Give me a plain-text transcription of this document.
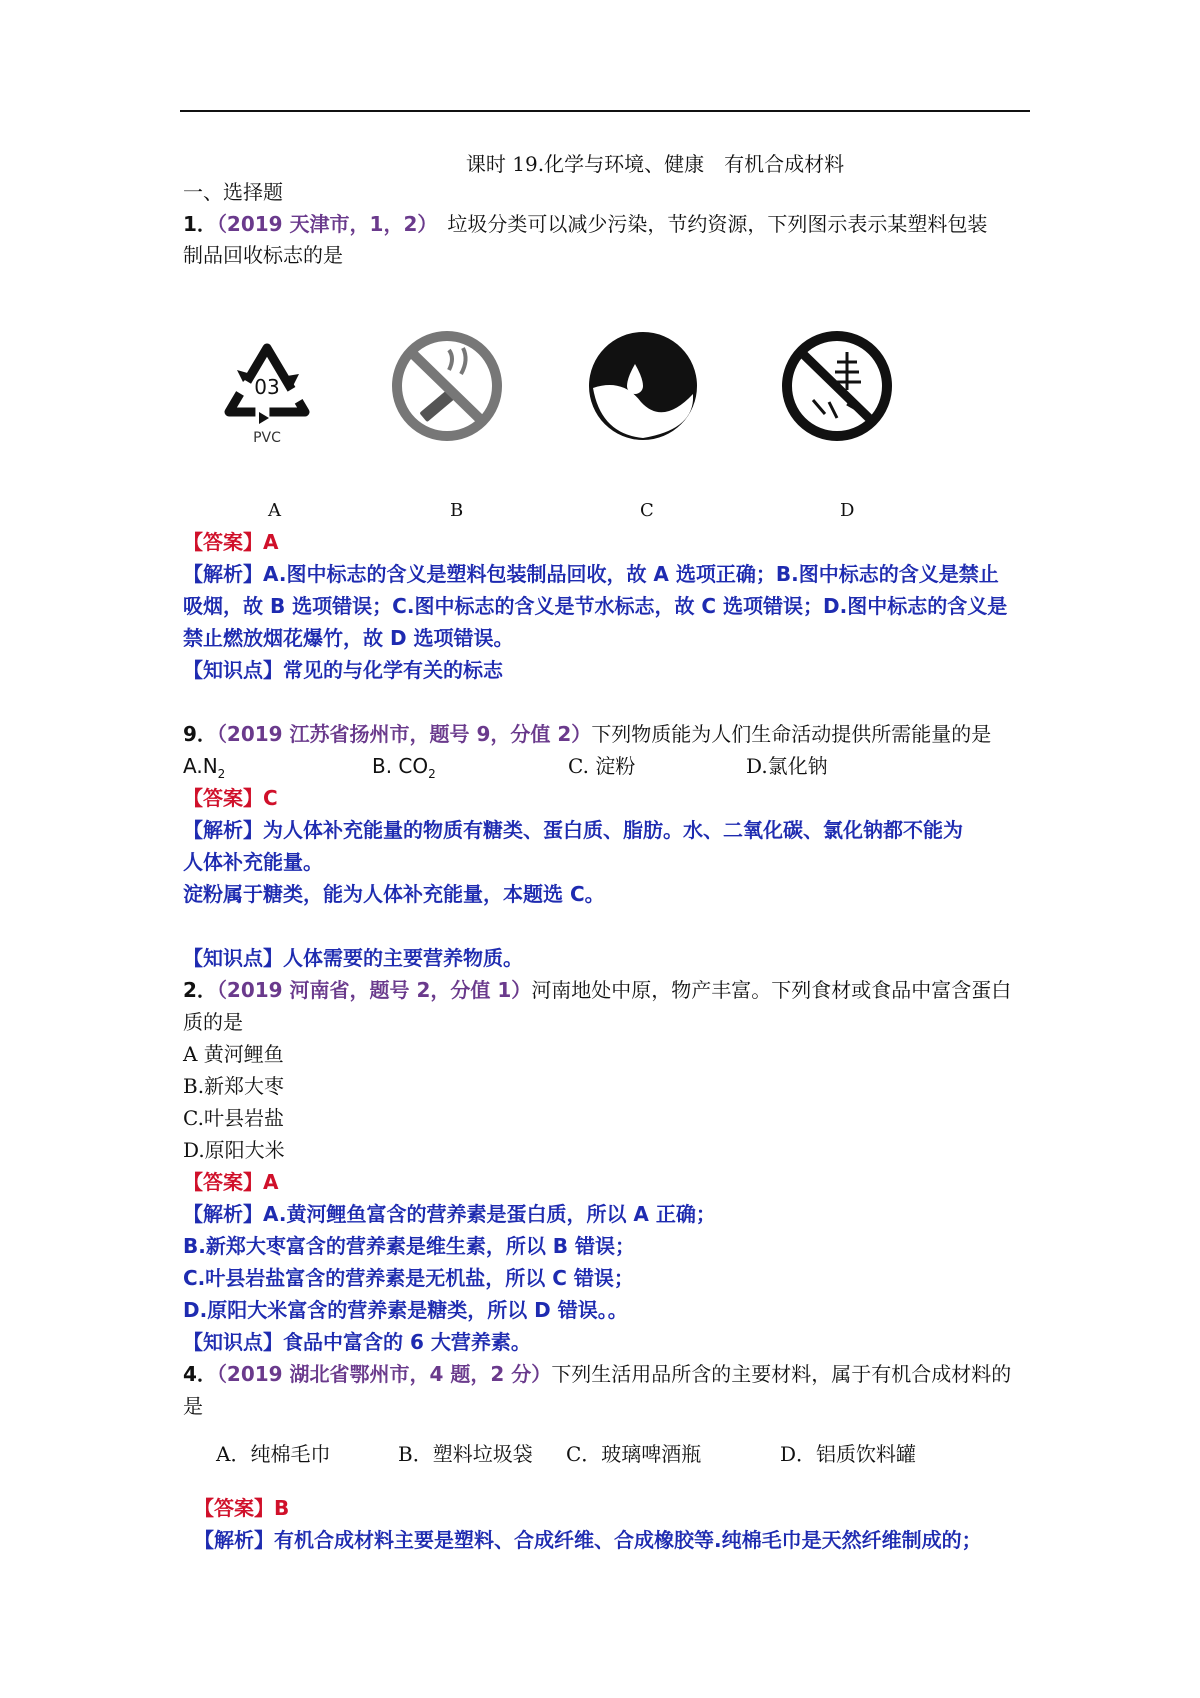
课时 19.化学与环境、健康　有机合成材料
一、选择题
1．（2019 天津市，1，2）　垃圾分类可以减少污染，节约资源，下列图示表示某塑料包装
制品回收标志的是
03
PVC
A	B	C	D
【答案】A
【解析】A.图中标志的含义是塑料包装制品回收，故 A 选项正确；B.图中标志的含义是禁止
吸烟，故 B 选项错误；C.图中标志的含义是节水标志，故 C 选项错误；D.图中标志的含义是
禁止燃放烟花爆竹，故 D 选项错误。
【知识点】常见的与化学有关的标志
9．（2019 江苏省扬州市，题号 9，分值 2）下列物质能为人们生命活动提供所需能量的是
$A.N_2$	B. $CO_2$	C. 淀粉	D.氯化钠
【答案】C
【解析】为人体补充能量的物质有糖类、蛋白质、脂肪。水、二氧化碳、氯化钠都不能为
人体补充能量。
淀粉属于糖类，能为人体补充能量，本题选 C。
【知识点】人体需要的主要营养物质。
2．（2019 河南省，题号 2，分值 1）河南地处中原，物产丰富。下列食材或食品中富含蛋白
质的是
A 黄河鲤鱼
B.新郑大枣
C.叶县岩盐
D.原阳大米
【答案】A
【解析】A.黄河鲤鱼富含的营养素是蛋白质，所以 A 正确；
B.新郑大枣富含的营养素是维生素，所以 B 错误；
C.叶县岩盐富含的营养素是无机盐，所以 C 错误；
D.原阳大米富含的营养素是糖类，所以 D 错误。。
【知识点】食品中富含的 6 大营养素。
4．（2019 湖北省鄂州市，4 题，2 分）下列生活用品所含的主要材料，属于有机合成材料的
是
A．纯棉毛巾	B．塑料垃圾袋 C．玻璃啤酒瓶	D．铝质饮料罐
【答案】B
【解析】有机合成材料主要是塑料、合成纤维、合成橡胶等.纯棉毛巾是天然纤维制成的；
